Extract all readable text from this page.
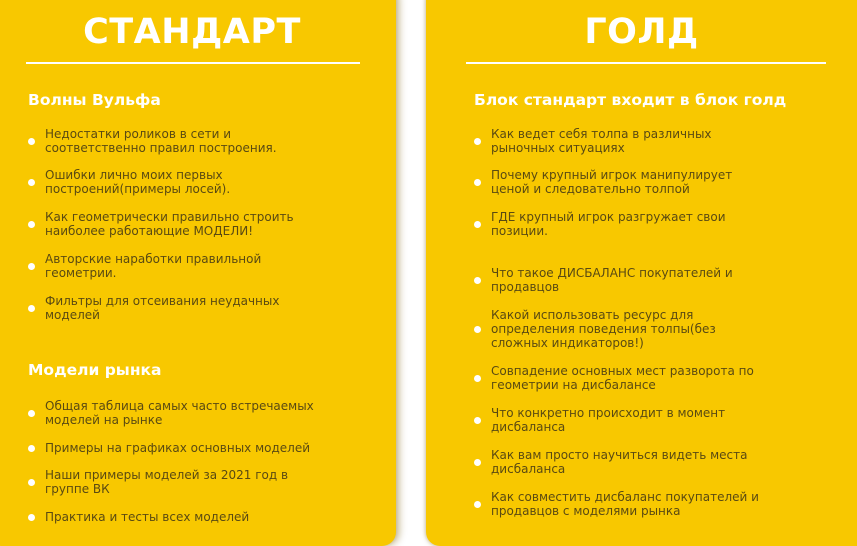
СТАНДАРТ
Волны Вульфа
Недостатки роликов в сети и соответственно правил построения.
Ошибки лично моих первых построений(примеры лосей).
Как геометрически правильно строить наиболее работающие МОДЕЛИ!
Авторские наработки правильной геометрии.
Фильтры для отсеивания неудачных моделей
Модели рынка
Общая таблица самых часто встречаемых моделей на рынке
Примеры на графиках основных моделей
Наши примеры моделей за 2021 год в группе ВК
Практика и тесты всех моделей
ГОЛД
Блок стандарт входит в блок голд
Как ведет себя толпа в различных рыночных ситуациях
Почему крупный игрок манипулирует ценой и следовательно толпой
ГДЕ крупный игрок разгружает свои позиции.
Что такое ДИСБАЛАНС покупателей и продавцов
Какой использовать ресурс для определения поведения толпы(без сложных индикаторов!)
Совпадение основных мест разворота по геометрии на дисбалансе
Что конкретно происходит в момент дисбаланса
Как вам просто научиться видеть места дисбаланса
Как совместить дисбаланс покупателей и продавцов с моделями рынка
